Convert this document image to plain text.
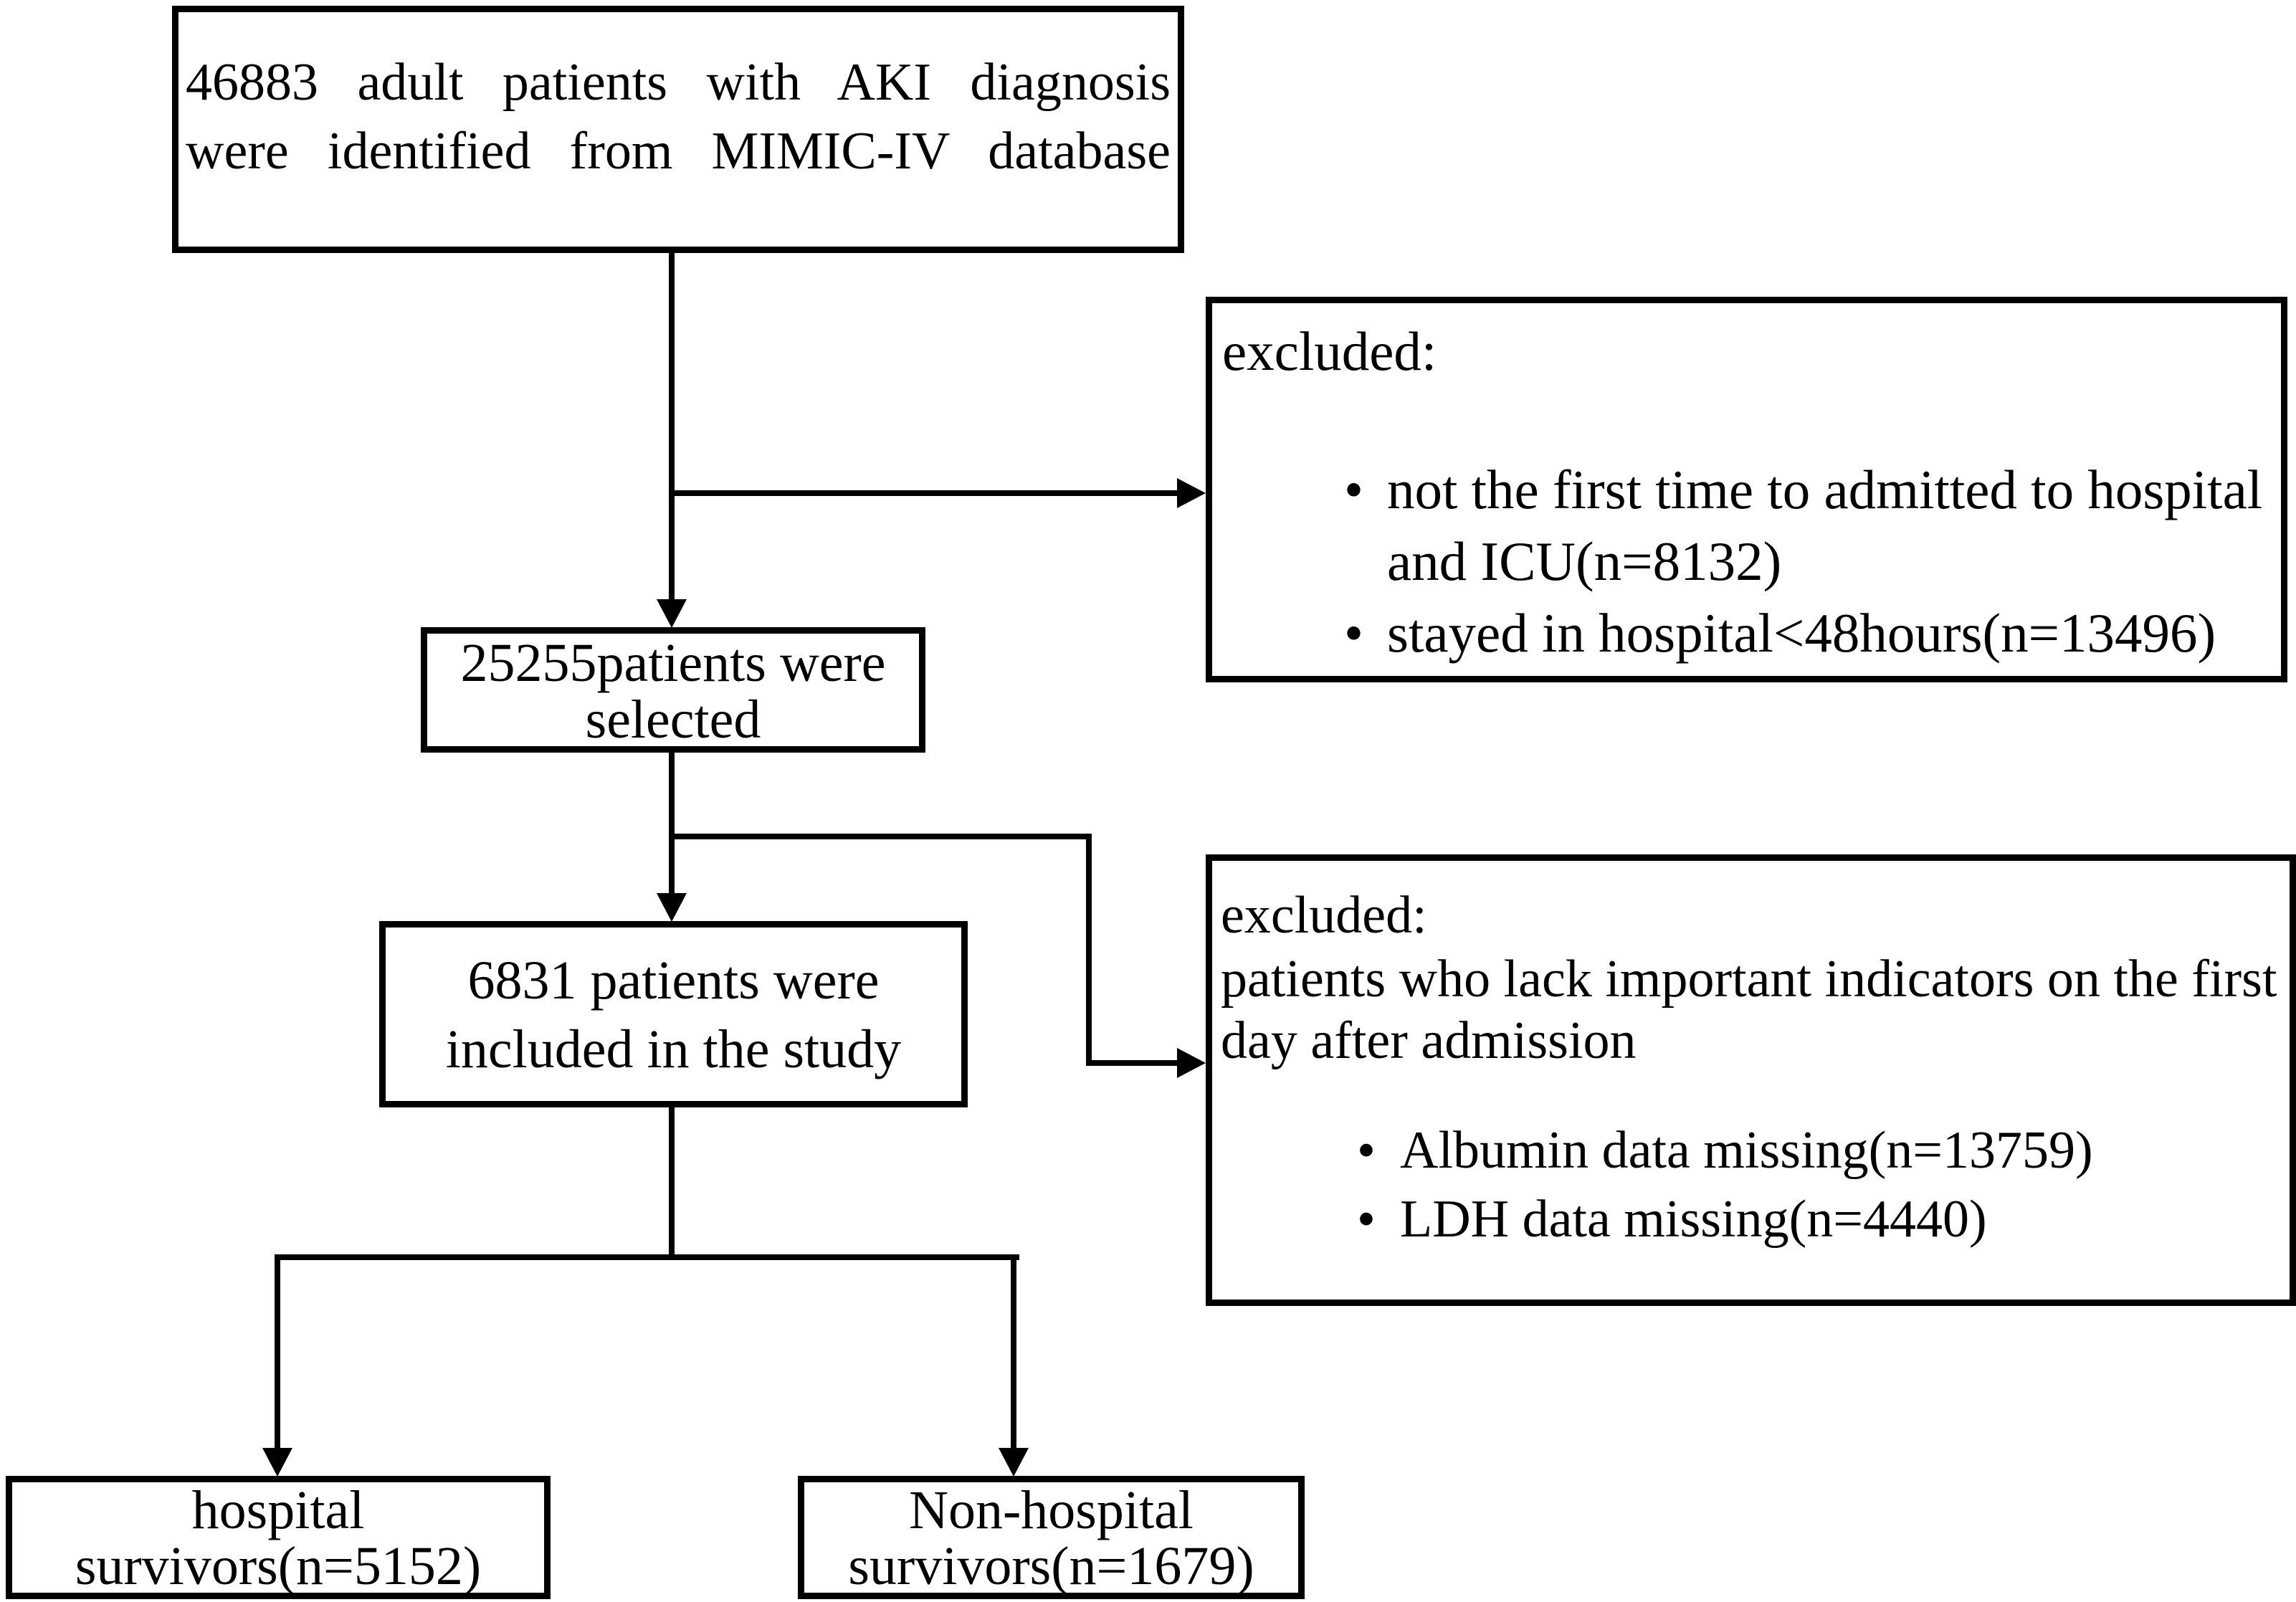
46883 adult patients with AKI diagnosis
were identified from MIMIC-IV database
excluded:
• not the first time to admitted to hospital and ICU(n=8132)
• stayed in hospital<48hours(n=13496)
25255patients were
selected
6831 patients were
included in the study
excluded:
patients who lack important indicators on the first day after admission
• Albumin data missing(n=13759)
• LDH data missing(n=4440)
hospital
survivors(n=5152)
Non-hospital
survivors(n=1679)
